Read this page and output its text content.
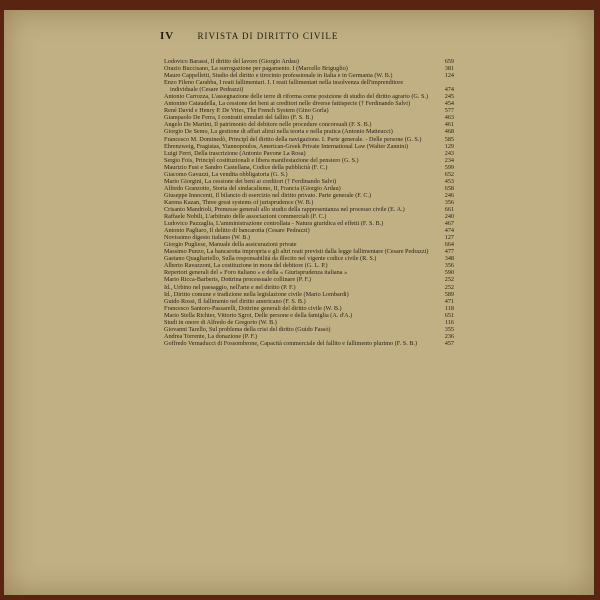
IV	RIVISTA DI DIRITTO CIVILE
Lodovico Barassi, Il diritto del lavoro (Giorgio Ardau)	659
Orazio Buccisano, La surrogazione per pagamento. I (Marcello Briguglio)	381
Mauro Cappelletti, Studio del diritto e tirocinio professionale in Italia e in Germania (W. B.)	124
Enzo Fileno Carabba, I reati fallimentari. I. I reati fallimentari nella insolvenza dell'imprenditore individuale (Cesare Pedrazzi)	474
Antonio Carrozza, L'assegnazione delle terre di riforma come posizione di studio del diritto agrario (G. S.)	245
Antonino Cataudella, La cessione dei beni ai creditori nelle diverse fattispecie († Ferdinando Salvi)	454
René David e Henry P. De Vries, The French System (Gino Gorla)	577
Giampaolo De Ferra, I contratti simulati del fallito (F. S. B.)	463
Angelo De Martini, Il patrimonio del debitore nelle procedure concorsuali (F. S. B.)	461
Giorgio De Semo, La gestione di affari altrui nella teoria e nella pratica (Antonio Matteucci)	468
Francesco M. Dominedò, Principî del diritto della navigazione. I. Parte generale. - Delle persone (G. S.)	585
Ehrenzweig, Fragistas, Yiannopoulos, American-Greek Private International Law (Walter Zannini)	129
Luigi Ferri, Della trascrizione (Antonio Pavone La Rosa)	243
Sergio Fois, Principî costituzionali e libera manifestazione del pensiero (G. S.)	234
Maurizio Fusi e Sandro Castellana, Codice della pubblicità (F. C.)	599
Giacomo Gavazzi, La vendita obbligatoria (G. S.)	652
Mario Giorgini, La cessione dei beni ai creditori († Ferdinando Salvi)	453
Alfredo Granzotto, Storia del sindacalismo, II, Francia (Giorgio Ardau)	658
Giuseppe Innocenti, Il bilancio di esercizio nel diritto privato. Parte generale (F. C.)	246
Karena Kazan, Three great systems of jurisprudence (W. B.)	356
Crisanto Mandrioli, Premesse generali allo studio della rappresentanza nel processo civile (E. A.)	661
Raffaele Nobili, L'arbitrato delle associazioni commerciali (F. C.)	240
Ludovico Pazzaglia, L'amministrazione controllata - Natura giuridica ed effetti (F. S. B.)	467
Antonio Pagliaro, Il delitto di bancarotta (Cesare Pedrazzi)	474
Novissimo digesto italiano (W. B.)	127
Giorgio Pugliese, Manuale della assicurazioni private	664
Massimo Punzo, La bancarotta impropria e gli altri reati previsti dalla legge fallimentare (Cesare Pedrazzi)	477
Gaetano Quagliariello, Sulla responsabilità da illecito nel vigente codice civile (R. S.)	348
Alberto Ravazzoni, La costituzione in mora del debitore (G. L. P.)	356
Repertori generali del « Foro italiano » e della « Giurisprudenza italiana »	590
Mario Ricca-Barberis, Dottrina processuale collinare (P. F.)	252
Id., Urbino nel paesaggio, nell'arte e nel diritto (P. F.)	252
Id., Diritto comune e tradizione nella legislazione civile (Mario Lombardi)	589
Guido Rossi, Il fallimento nel diritto americano (F. S. B.)	471
Francesco Santoro-Passarelli, Dottrine generali del diritto civile (W. B.)	118
Mario Stella Richter, Vittorio Sgroi, Delle persone e della famiglia (A. d'A.)	651
Studi in onore di Alfredo de Gregorio (W. B.)	116
Giovanni Tarello, Sul problema della crisi del diritto (Guido Fassò)	355
Andrea Torrente, La donazione (P. F.)	236
Goffredo Vernaducci di Fossombrone, Capacità commerciale del fallito e fallimento plurimo (F. S. B.)	457
